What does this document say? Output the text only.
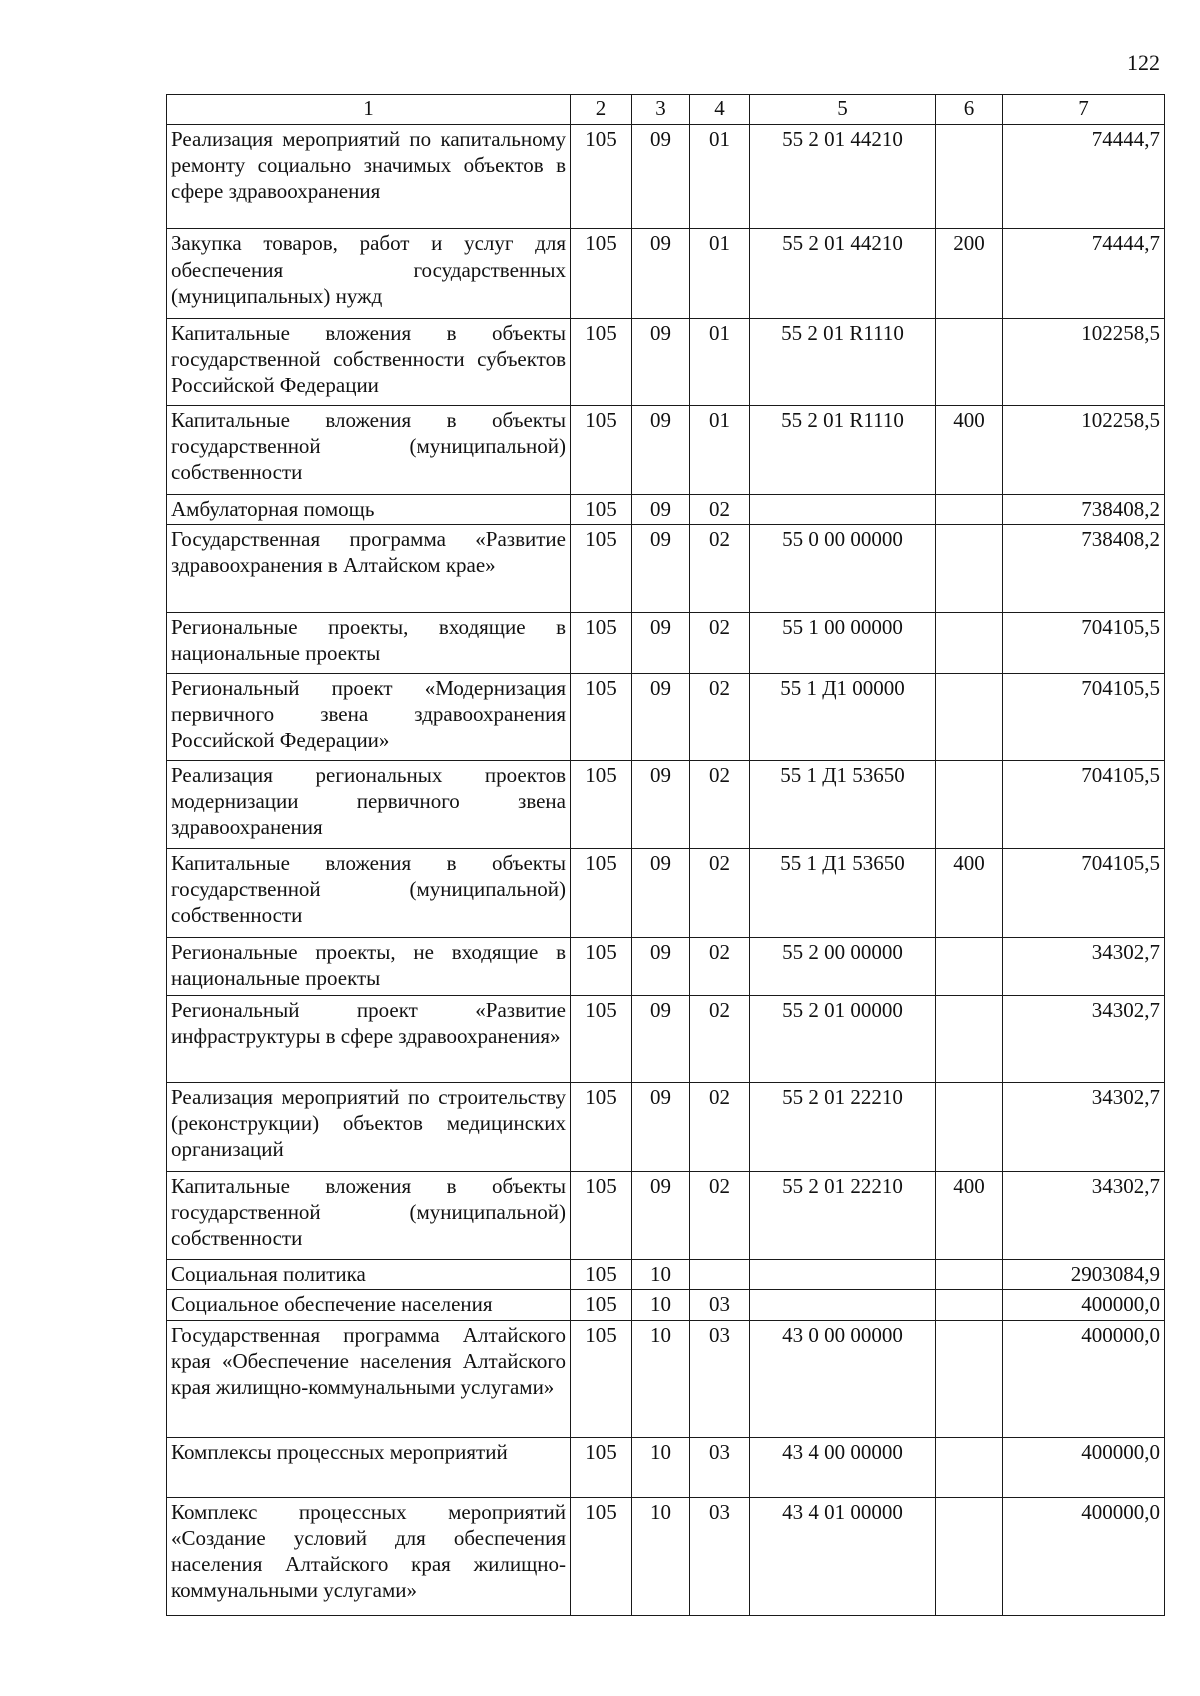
122
1	2	3	4	5	6	7
Реализация мероприятий по капитальному ремонту социально значимых объектов в сфере здравоохранения	105	09	01	55 2 01 44210		74444,7
Закупка товаров, работ и услуг для обеспечения государственных (муниципальных) нужд	105	09	01	55 2 01 44210	200	74444,7
Капитальные вложения в объекты государственной собственности субъектов Российской Федерации	105	09	01	55 2 01 R1110		102258,5
Капитальные вложения в объекты государственной (муниципальной) собственности	105	09	01	55 2 01 R1110	400	102258,5
Амбулаторная помощь	105	09	02			738408,2
Государственная программа «Развитие здравоохранения в Алтайском крае»	105	09	02	55 0 00 00000		738408,2
Региональные проекты, входящие в национальные проекты	105	09	02	55 1 00 00000		704105,5
Региональный проект «Модернизация первичного звена здравоохранения Российской Федерации»	105	09	02	55 1 Д1 00000		704105,5
Реализация региональных проектов модернизации первичного звена здравоохранения	105	09	02	55 1 Д1 53650		704105,5
Капитальные вложения в объекты государственной (муниципальной) собственности	105	09	02	55 1 Д1 53650	400	704105,5
Региональные проекты, не входящие в национальные проекты	105	09	02	55 2 00 00000		34302,7
Региональный проект «Развитие инфраструктуры в сфере здравоохранения»	105	09	02	55 2 01 00000		34302,7
Реализация мероприятий по строительству (реконструкции) объектов медицинских организаций	105	09	02	55 2 01 22210		34302,7
Капитальные вложения в объекты государственной (муниципальной) собственности	105	09	02	55 2 01 22210	400	34302,7
Социальная политика	105	10				2903084,9
Социальное обеспечение населения	105	10	03			400000,0
Государственная программа Алтайского края «Обеспечение населения Алтайского края жилищно-коммунальными услугами»	105	10	03	43 0 00 00000		400000,0
Комплексы процессных мероприятий	105	10	03	43 4 00 00000		400000,0
Комплекс процессных мероприятий «Создание условий для обеспечения населения Алтайского края жилищно-коммунальными услугами»	105	10	03	43 4 01 00000		400000,0
